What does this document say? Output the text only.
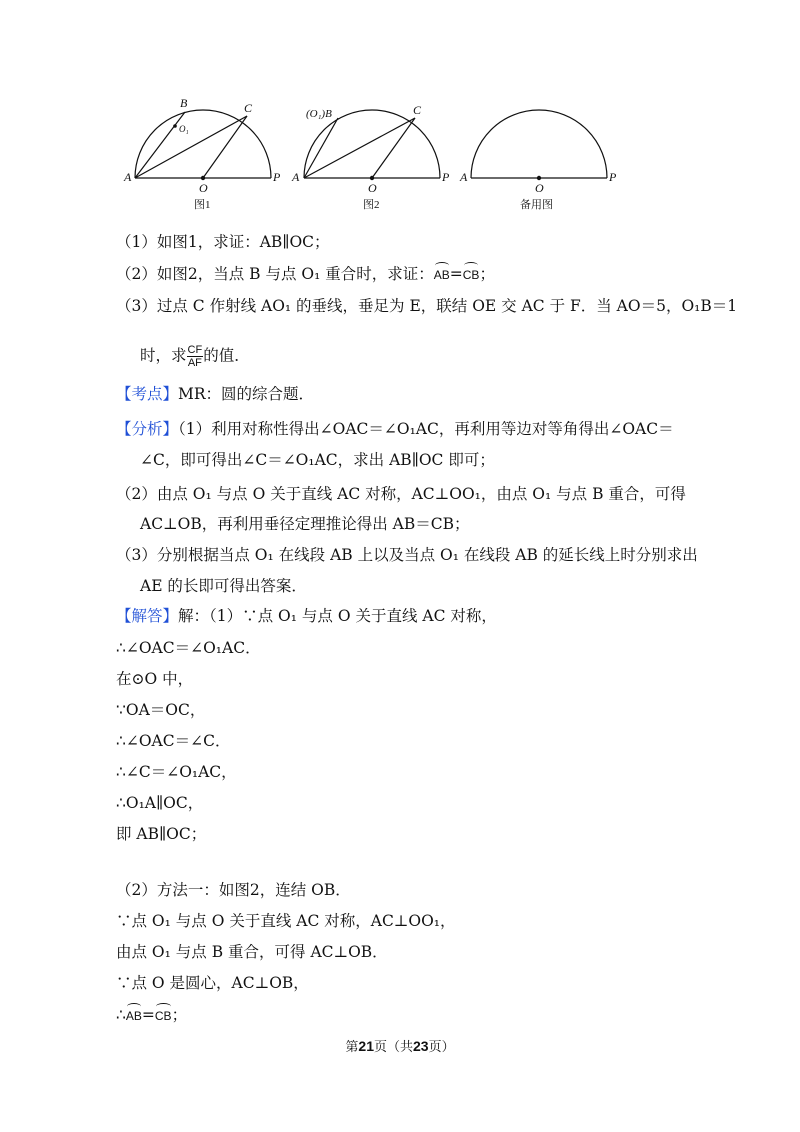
A
B	C
O
P
O₁
A
(O₁)B	C
O
P A
O
P
图1	图2	备用图
（1）如图1，求证：AB∥OC；
（2）如图2，当点 B 与点 O₁ 重合时，求证：AB=CB；
（3）过点 C 作射线 AO₁ 的垂线，垂足为 E，联结 OE 交 AC 于 F．当 AO＝5，O₁B＝1
时，求 $\frac{CF}{AF}$ 的值．
【考点】MR：圆的综合题．
【分析】（1）利用对称性得出∠OAC＝∠O₁AC，再利用等边对等角得出∠OAC＝
∠C，即可得出∠C＝∠O₁AC，求出 AB∥OC 即可；
（2）由点 O₁ 与点 O 关于直线 AC 对称，AC⊥OO₁，由点 O₁ 与点 B 重合，可得
AC⊥OB，再利用垂径定理推论得出 AB＝CB；
（3）分别根据当点 O₁ 在线段 AB 上以及当点 O₁ 在线段 AB 的延长线上时分别求出
AE 的长即可得出答案．
【解答】解：（1）∵点 O₁ 与点 O 关于直线 AC 对称，
∴∠OAC＝∠O₁AC．
在⊙O 中，
∵OA＝OC，
∴∠OAC＝∠C．
∴∠C＝∠O₁AC，
∴O₁A∥OC，
即 AB∥OC；
（2）方法一：如图2，连结 OB．
∵点 O₁ 与点 O 关于直线 AC 对称，AC⊥OO₁，
由点 O₁ 与点 B 重合，可得 AC⊥OB．
∵点 O 是圆心，AC⊥OB，
∴AB=CB；
第21页（共23页）
